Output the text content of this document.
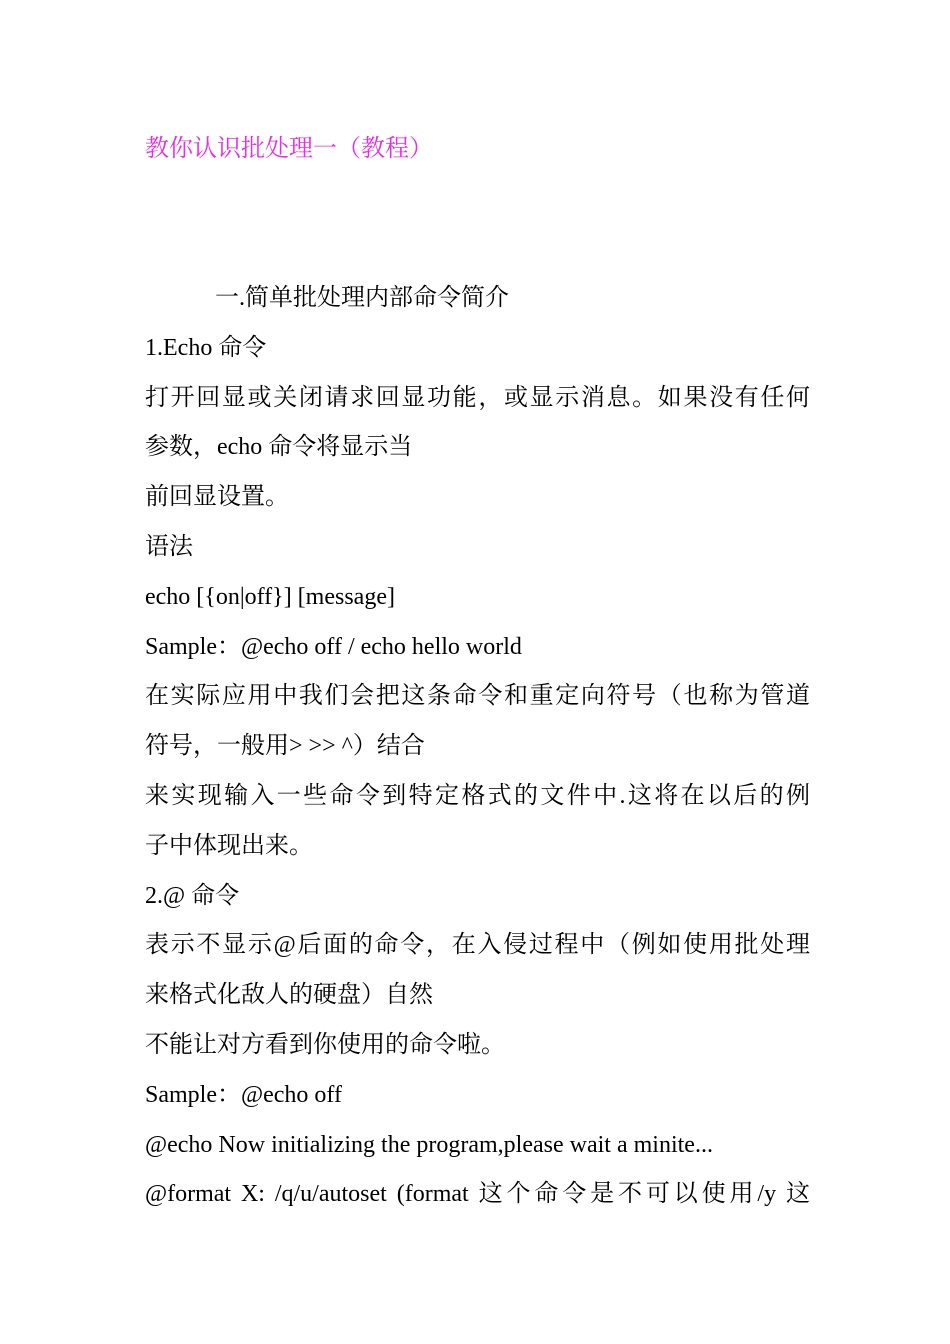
教你认识批处理一（教程）
一.简单批处理内部命令简介
1.Echo 命令
打开回显或关闭请求回显功能，或显示消息。如果没有任何
参数，echo 命令将显示当
前回显设置。
语法
echo [{on|off}] [message]
Sample：@echo off / echo hello world
在实际应用中我们会把这条命令和重定向符号（也称为管道
符号，一般用> >> ^）结合
来实现输入一些命令到特定格式的文件中.这将在以后的例
子中体现出来。
2.@ 命令
表示不显示@后面的命令，在入侵过程中（例如使用批处理
来格式化敌人的硬盘）自然
不能让对方看到你使用的命令啦。
Sample：@echo off
@echo Now initializing the program,please wait a minite...
@format X: /q/u/autoset (format 这个命令是不可以使用/y 这
